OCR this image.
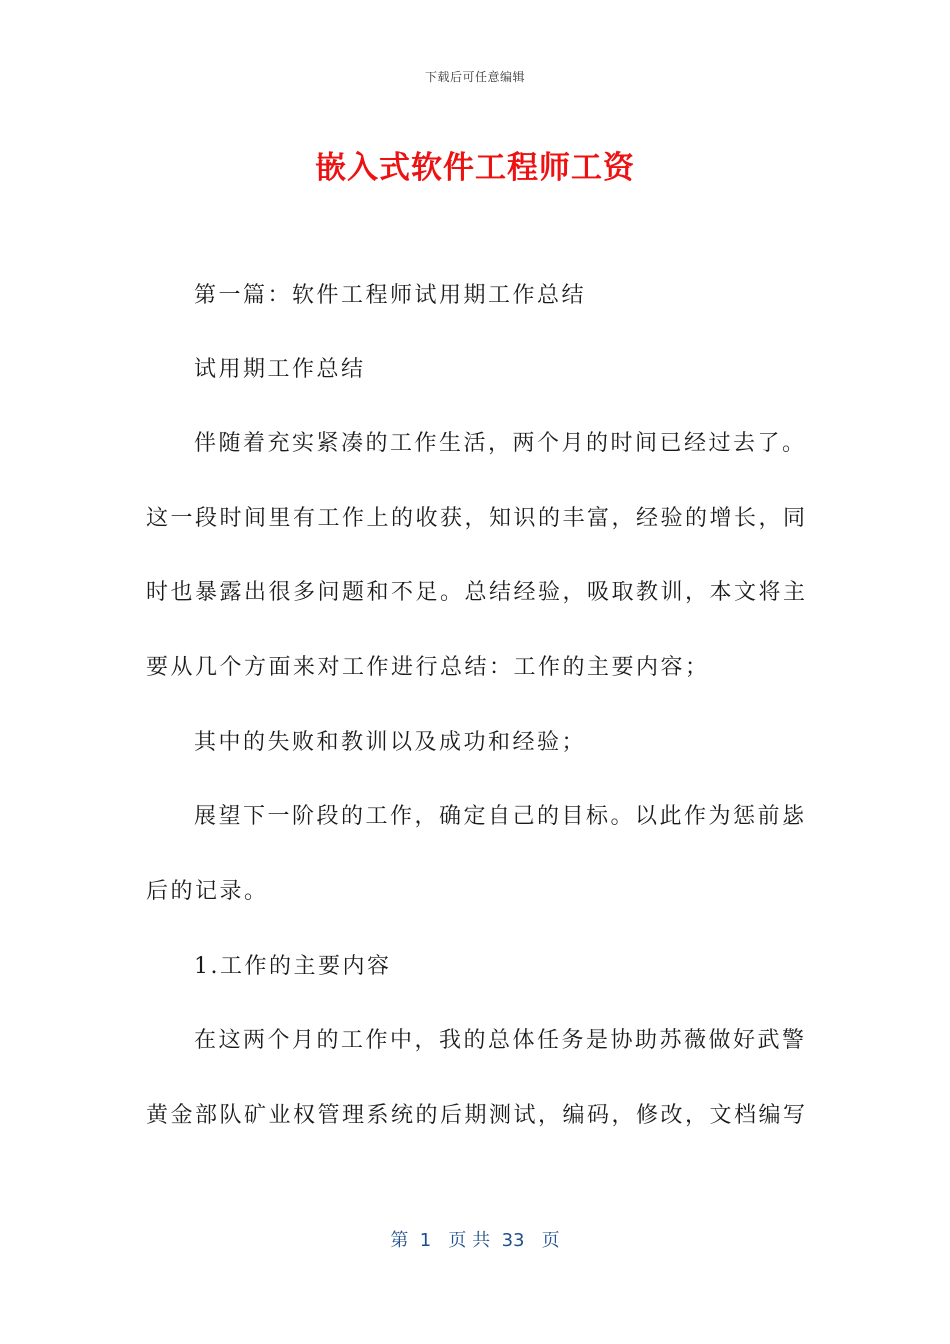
下载后可任意编辑
嵌入式软件工程师工资
第一篇：软件工程师试用期工作总结
试用期工作总结
伴随着充实紧凑的工作生活，两个月的时间已经过去了。
这一段时间里有工作上的收获，知识的丰富，经验的增长，同
时也暴露出很多问题和不足。总结经验，吸取教训，本文将主
要从几个方面来对工作进行总结：工作的主要内容；
其中的失败和教训以及成功和经验；
展望下一阶段的工作，确定自己的目标。以此作为惩前毖
后的记录。
1.工作的主要内容
在这两个月的工作中，我的总体任务是协助苏薇做好武警
黄金部队矿业权管理系统的后期测试，编码，修改，文档编写
第  1   页 共  33   页
